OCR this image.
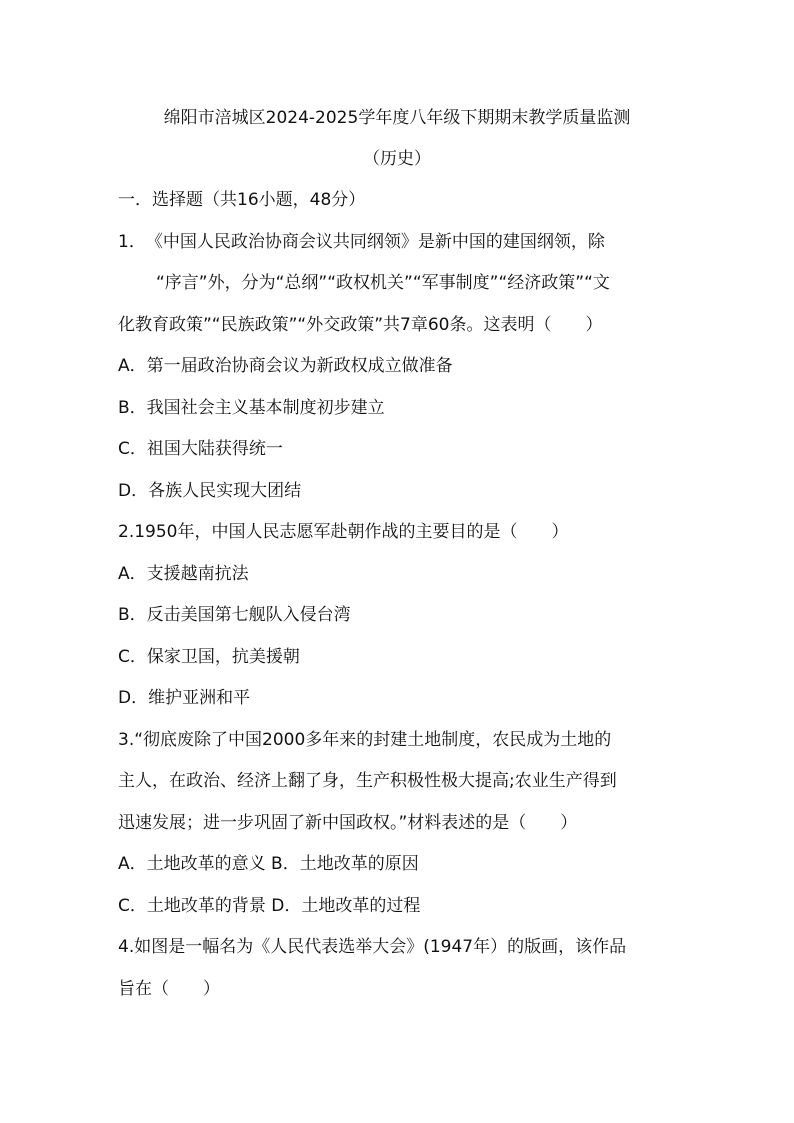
绵阳市涪城区2024-2025学年度八年级下期期末教学质量监测
（历史）
一．选择题（共16小题，48分）
1．　《中国人民政治协商会议共同纲领》是新中国的建国纲领，除
“序言”外，分为“总纲”“政权机关”“军事制度”“经济政策”“文
化教育政策”“民族政策”“外交政策”共7章60条。这表明（　　）
A．第一届政治协商会议为新政权成立做准备
B．我国社会主义基本制度初步建立
C．祖国大陆获得统一
D．各族人民实现大团结
2.1950年，中国人民志愿军赴朝作战的主要目的是（　　）
A．支援越南抗法
B．反击美国第七舰队入侵台湾
C．保家卫国，抗美援朝
D．维护亚洲和平
3.“彻底废除了中国2000多年来的封建土地制度，农民成为土地的
主人，在政治、经济上翻了身，生产积极性极大提高;农业生产得到
迅速发展；进一步巩固了新中国政权。”材料表述的是（　　）
A．土地改革的意义 B．土地改革的原因
C．土地改革的背景 D．土地改革的过程
4.如图是一幅名为《人民代表选举大会》(1947年）的版画，该作品
旨在（　　）
